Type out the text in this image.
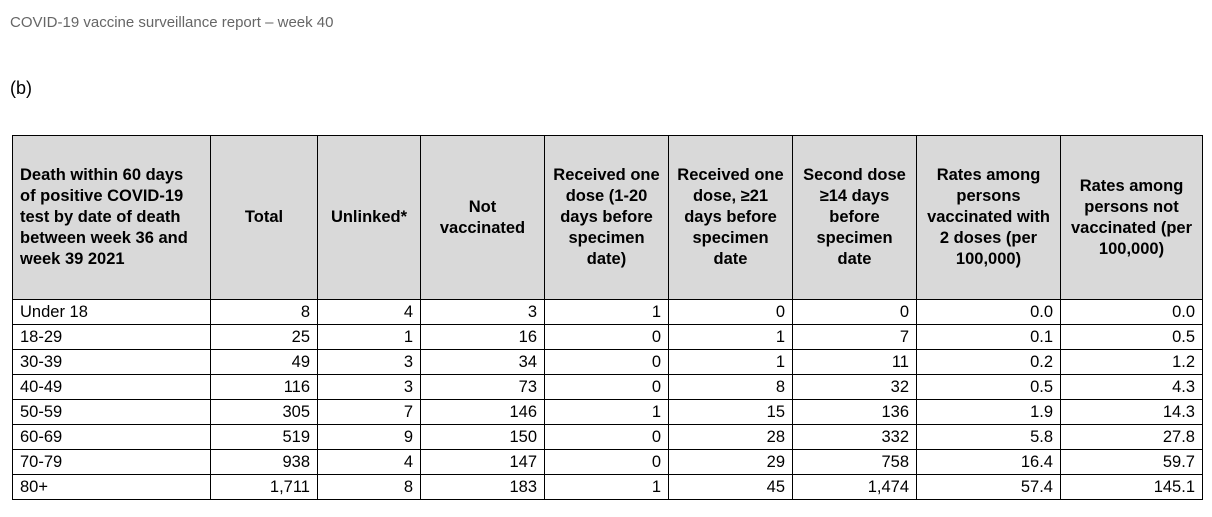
COVID-19 vaccine surveillance report – week 40
(b)
Death within 60 days of positive COVID-19 test by date of death between week 36 and week 39 2021	Total	Unlinked*	Not vaccinated	Received one dose (1-20 days before specimen date)	Received one dose, ≥21 days before specimen date	Second dose ≥14 days before specimen date	Rates among persons vaccinated with 2 doses (per 100,000)	Rates among persons not vaccinated (per 100,000)
Under 18	8	4	3	1	0	0	0.0	0.0
18-29	25	1	16	0	1	7	0.1	0.5
30-39	49	3	34	0	1	11	0.2	1.2
40-49	116	3	73	0	8	32	0.5	4.3
50-59	305	7	146	1	15	136	1.9	14.3
60-69	519	9	150	0	28	332	5.8	27.8
70-79	938	4	147	0	29	758	16.4	59.7
80+	1,711	8	183	1	45	1,474	57.4	145.1
